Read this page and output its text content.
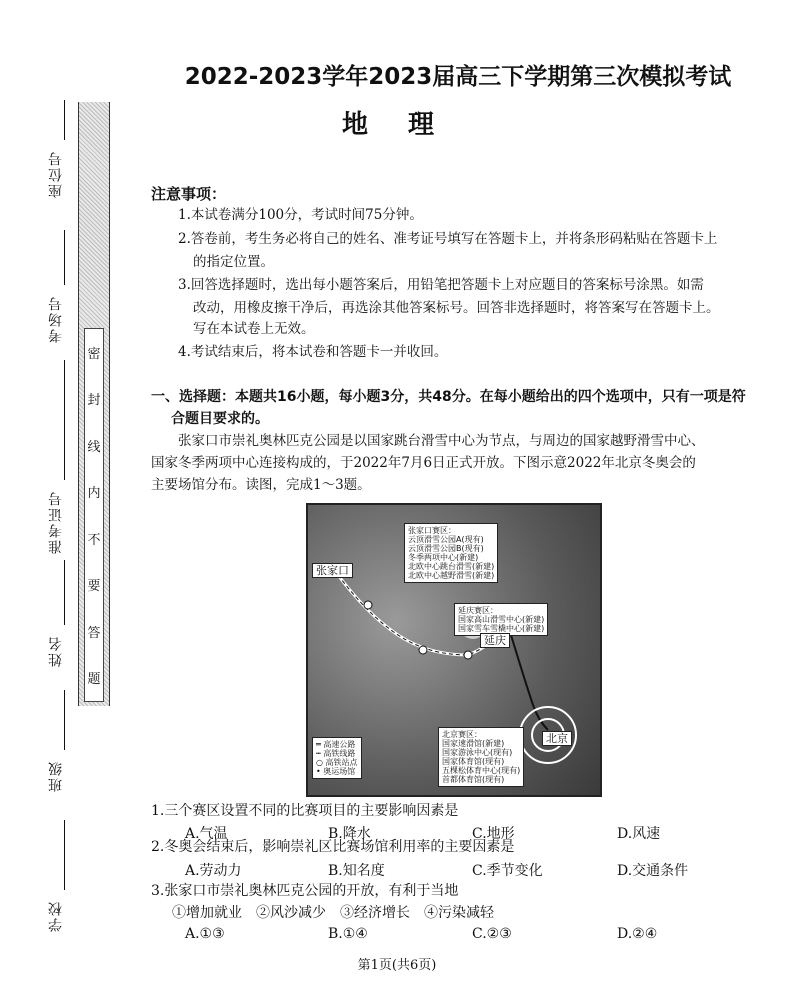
座位号
考场号
准考证号
姓名
班级
学校
密
封
线
内
不
要
答
题
2022-2023学年2023届高三下学期第三次模拟考试
地理
注意事项：
1.本试卷满分100分，考试时间75分钟。
2.答卷前，考生务必将自己的姓名、准考证号填写在答题卡上，并将条形码粘贴在答题卡上
的指定位置。
3.回答选择题时，选出每小题答案后，用铅笔把答题卡上对应题目的答案标号涂黑。如需
改动，用橡皮擦干净后，再选涂其他答案标号。回答非选择题时，将答案写在答题卡上。
写在本试卷上无效。
4.考试结束后，将本试卷和答题卡一并收回。
一、选择题：本题共16小题，每小题3分，共48分。在每小题给出的四个选项中，只有一项是符
合题目要求的。
张家口市崇礼奥林匹克公园是以国家跳台滑雪中心为节点，与周边的国家越野滑雪中心、
国家冬季两项中心连接构成的，于2022年7月6日正式开放。下图示意2022年北京冬奥会的
主要场馆分布。读图，完成1～3题。
张家口赛区：
云顶滑雪公园A(现有)
云顶滑雪公园B(现有)
冬季两项中心(新建)
北欧中心跳台滑雪(新建)
北欧中心越野滑雪(新建)
延庆赛区：
国家高山滑雪中心(新建)
国家雪车雪橇中心(新建)
北京赛区：
国家速滑馆(新建)
国家游泳中心(现有)
国家体育馆(现有)
五棵松体育中心(现有)
首都体育馆(现有)
张家口
延庆
北京
═ 高速公路
┅ 高铁线路
○ 高铁站点
• 奥运场馆
1.三个赛区设置不同的比赛项目的主要影响因素是
A.气温	B.降水	C.地形	D.风速
2.冬奥会结束后，影响崇礼区比赛场馆利用率的主要因素是
A.劳动力	B.知名度	C.季节变化	D.交通条件
3.张家口市崇礼奥林匹克公园的开放，有利于当地
①增加就业　②风沙减少　③经济增长　④污染减轻
A.①③	B.①④	C.②③	D.②④
第1页(共6页)
